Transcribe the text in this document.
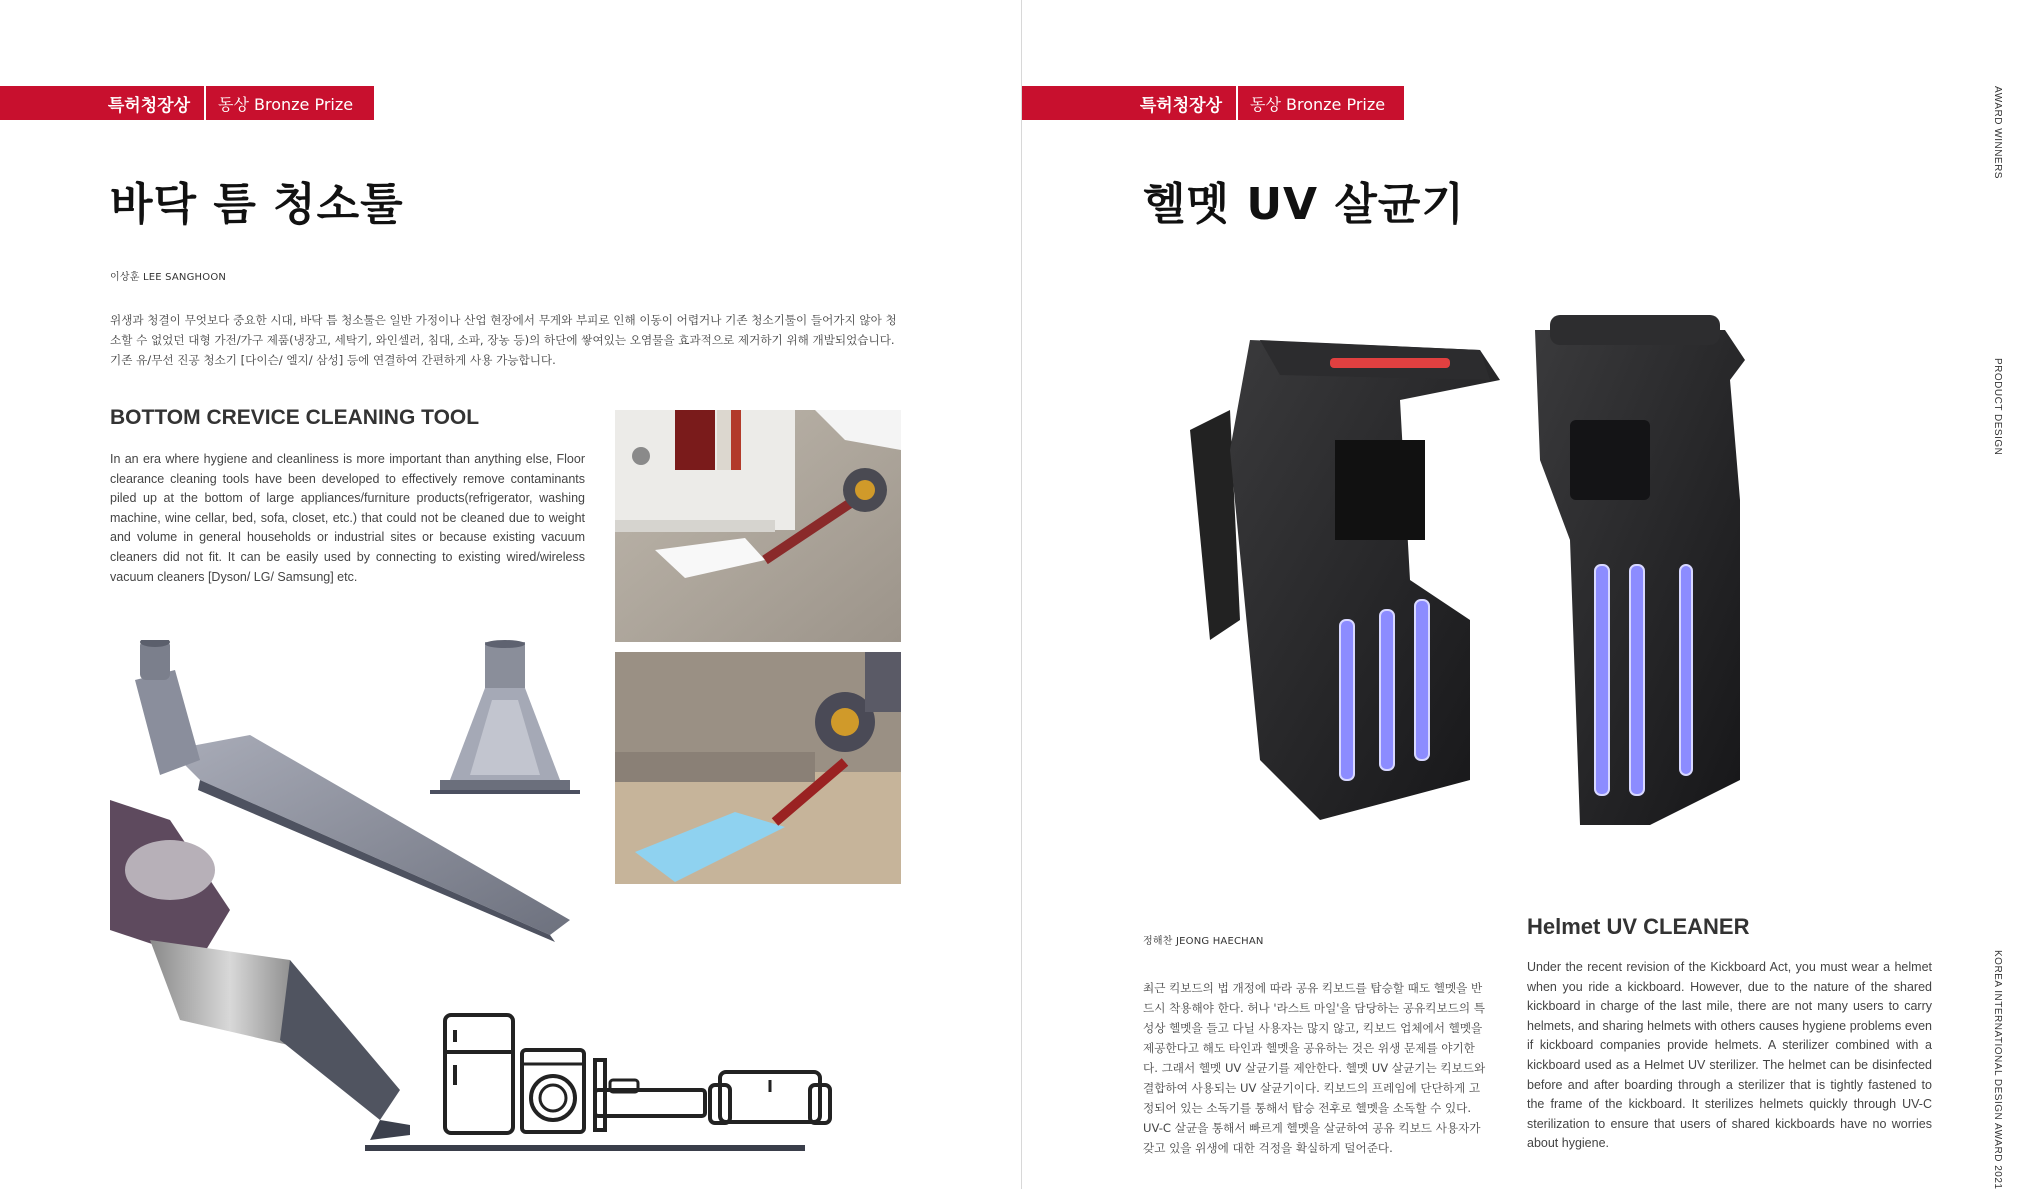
특허청장상	동상 Bronze Prize
바닥 틈 청소툴
이상훈 LEE SANGHOON
위생과 청결이 무엇보다 중요한 시대, 바닥 틈 청소툴은 일반 가정이나 산업 현장에서 무게와 부피로 인해 이동이 어렵거나 기존 청소기툴이 들어가지 않아 청소할 수 없었던 대형 가전/가구 제품(냉장고, 세탁기, 와인셀러, 침대, 소파, 장농 등)의 하단에 쌓여있는 오염물을 효과적으로 제거하기 위해 개발되었습니다. 기존 유/무선 진공 청소기 [다이슨/ 엘지/ 삼성] 등에 연결하여 간편하게 사용 가능합니다.
BOTTOM CREVICE CLEANING TOOL
In an era where hygiene and cleanliness is more important than anything else, Floor clearance cleaning tools have been developed to effectively remove contaminants piled up at the bottom of large appliances/furniture products(refrigerator, washing machine, wine cellar, bed, sofa, closet, etc.) that could not be cleaned due to weight and volume in general households or industrial sites or because existing vacuum cleaners did not fit. It can be easily used by connecting to existing wired/wireless vacuum cleaners [Dyson/ LG/ Samsung] etc.
특허청장상	동상 Bronze Prize
헬멧 UV 살균기
정해찬 JEONG HAECHAN
최근 킥보드의 법 개정에 따라 공유 킥보드를 탑승할 때도 헬멧을 반드시 착용해야 한다. 허나 '라스트 마일'을 담당하는 공유킥보드의 특성상 헬멧을 들고 다닐 사용자는 많지 않고, 킥보드 업체에서 헬멧을 제공한다고 해도 타인과 헬멧을 공유하는 것은 위생 문제를 야기한다. 그래서 헬멧 UV 살균기를 제안한다. 헬멧 UV 살균기는 킥보드와 결합하여 사용되는 UV 살균기이다. 킥보드의 프레임에 단단하게 고정되어 있는 소독기를 통해서 탑승 전후로 헬멧을 소독할 수 있다. UV-C 살균을 통해서 빠르게 헬멧을 살균하여 공유 킥보드 사용자가 갖고 있을 위생에 대한 걱정을 확실하게 덜어준다.
Helmet UV CLEANER
Under the recent revision of the Kickboard Act, you must wear a helmet when you ride a kickboard. However, due to the nature of the shared kickboard in charge of the last mile, there are not many users to carry helmets, and sharing helmets with others causes hygiene problems even if kickboard companies provide helmets. A sterilizer combined with a kickboard used as a Helmet UV sterilizer. The helmet can be disinfected before and after boarding through a sterilizer that is tightly fastened to the frame of the kickboard. It sterilizes helmets quickly through UV-C sterilization to ensure that users of shared kickboards have no worries about hygiene.
AWARD WINNERS
PRODUCT DESIGN
KOREA INTERNATIONAL DESIGN AWARD 2021
